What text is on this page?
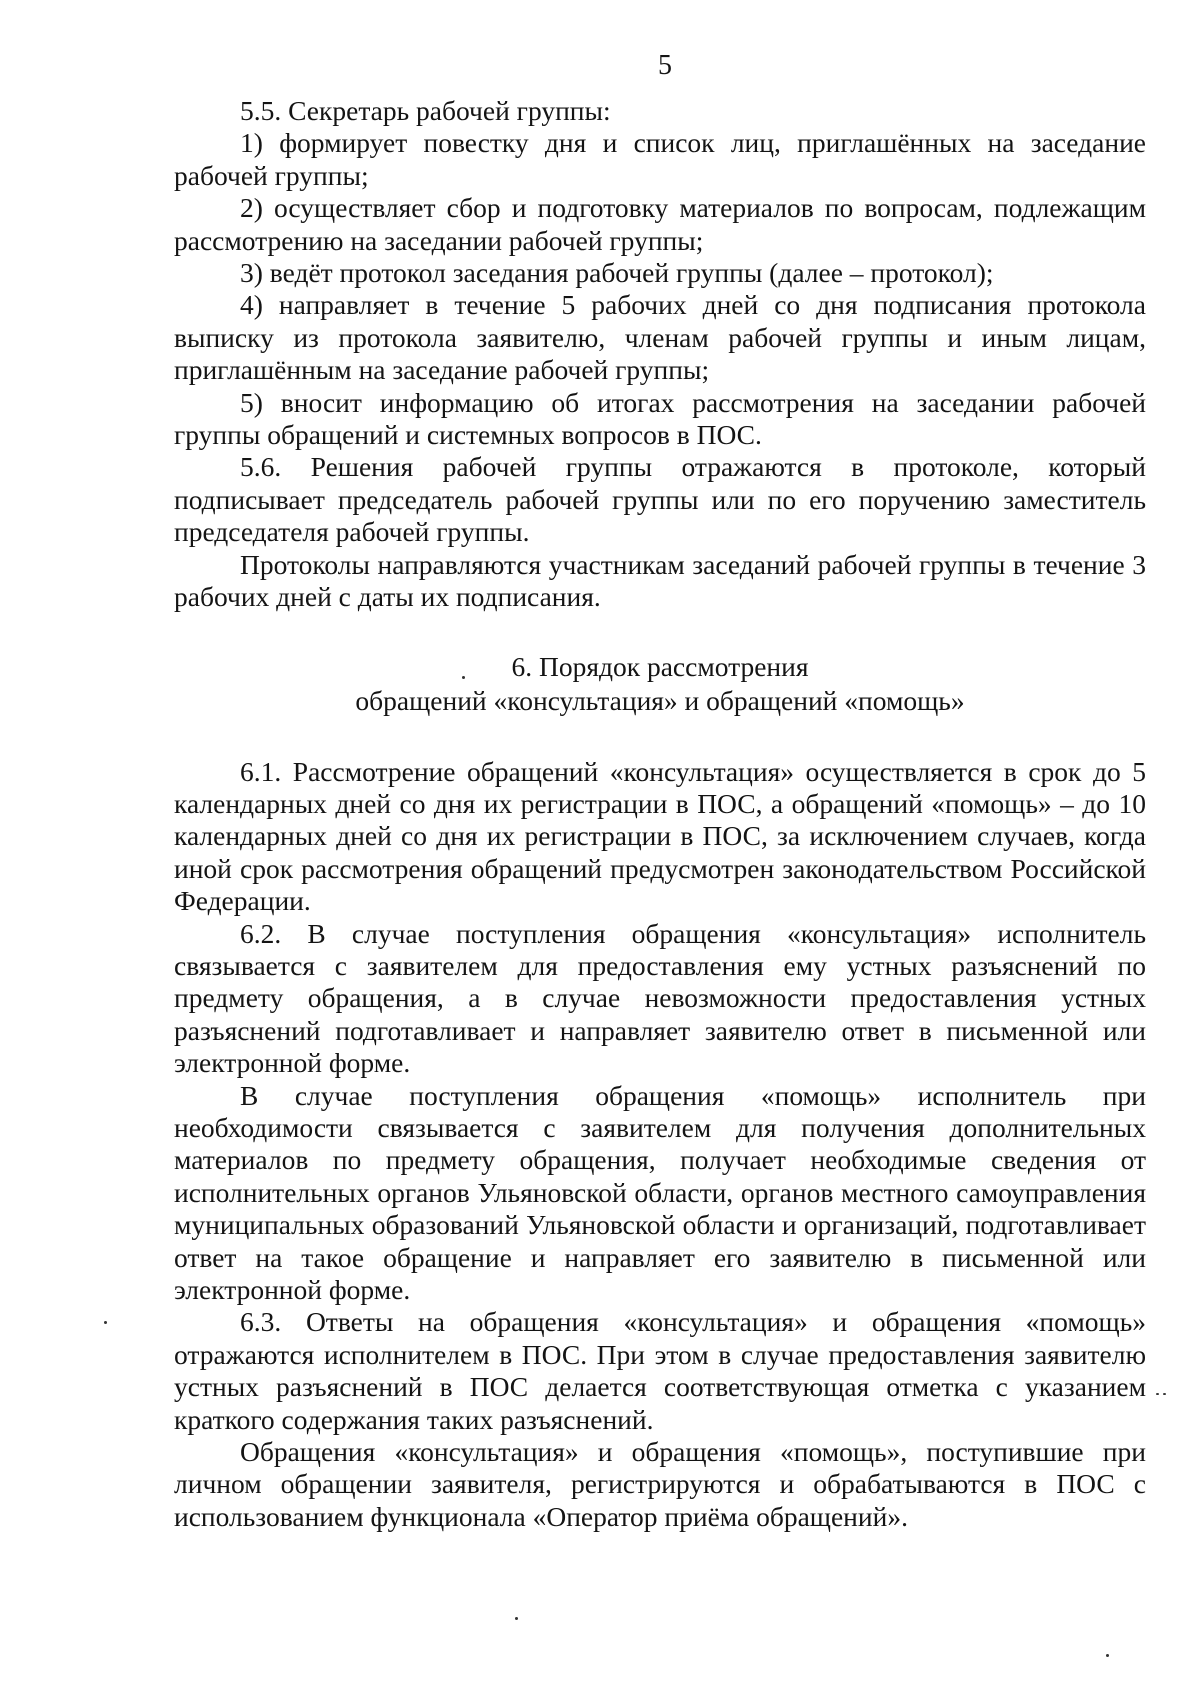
5

5.5. Секретарь рабочей группы:

1) формирует повестку дня и список лиц, приглашённых на заседание рабочей группы;

2) осуществляет сбор и подготовку материалов по вопросам, подлежащим рассмотрению на заседании рабочей группы;

3) ведёт протокол заседания рабочей группы (далее – протокол);

4) направляет в течение 5 рабочих дней со дня подписания протокола выписку из протокола заявителю, членам рабочей группы и иным лицам, приглашённым на заседание рабочей группы;

5) вносит информацию об итогах рассмотрения на заседании рабочей группы обращений и системных вопросов в ПОС.

5.6. Решения рабочей группы отражаются в протоколе, который подписывает председатель рабочей группы или по его поручению заместитель председателя рабочей группы.

Протоколы направляются участникам заседаний рабочей группы в течение 3 рабочих дней с даты их подписания.

6. Порядок рассмотрения

обращений «консультация» и обращений «помощь»

6.1. Рассмотрение обращений «консультация» осуществляется в срок до 5 календарных дней со дня их регистрации в ПОС, а обращений «помощь» – до 10 календарных дней со дня их регистрации в ПОС, за исключением случаев, когда иной срок рассмотрения обращений предусмотрен законодательством Российской Федерации.

6.2. В случае поступления обращения «консультация» исполнитель связывается с заявителем для предоставления ему устных разъяснений по предмету обращения, а в случае невозможности предоставления устных разъяснений подготавливает и направляет заявителю ответ в письменной или электронной форме.

В случае поступления обращения «помощь» исполнитель при необходимости связывается с заявителем для получения дополнительных материалов по предмету обращения, получает необходимые сведения от исполнительных органов Ульяновской области, органов местного самоуправления муниципальных образований Ульяновской области и организаций, подготавливает ответ на такое обращение и направляет его заявителю в письменной или электронной форме.

6.3. Ответы на обращения «консультация» и обращения «помощь» отражаются исполнителем в ПОС. При этом в случае предоставления заявителю устных разъяснений в ПОС делается соответствующая отметка с указанием краткого содержания таких разъяснений.

Обращения «консультация» и обращения «помощь», поступившие при личном обращении заявителя, регистрируются и обрабатываются в ПОС с использованием функционала «Оператор приёма обращений».
